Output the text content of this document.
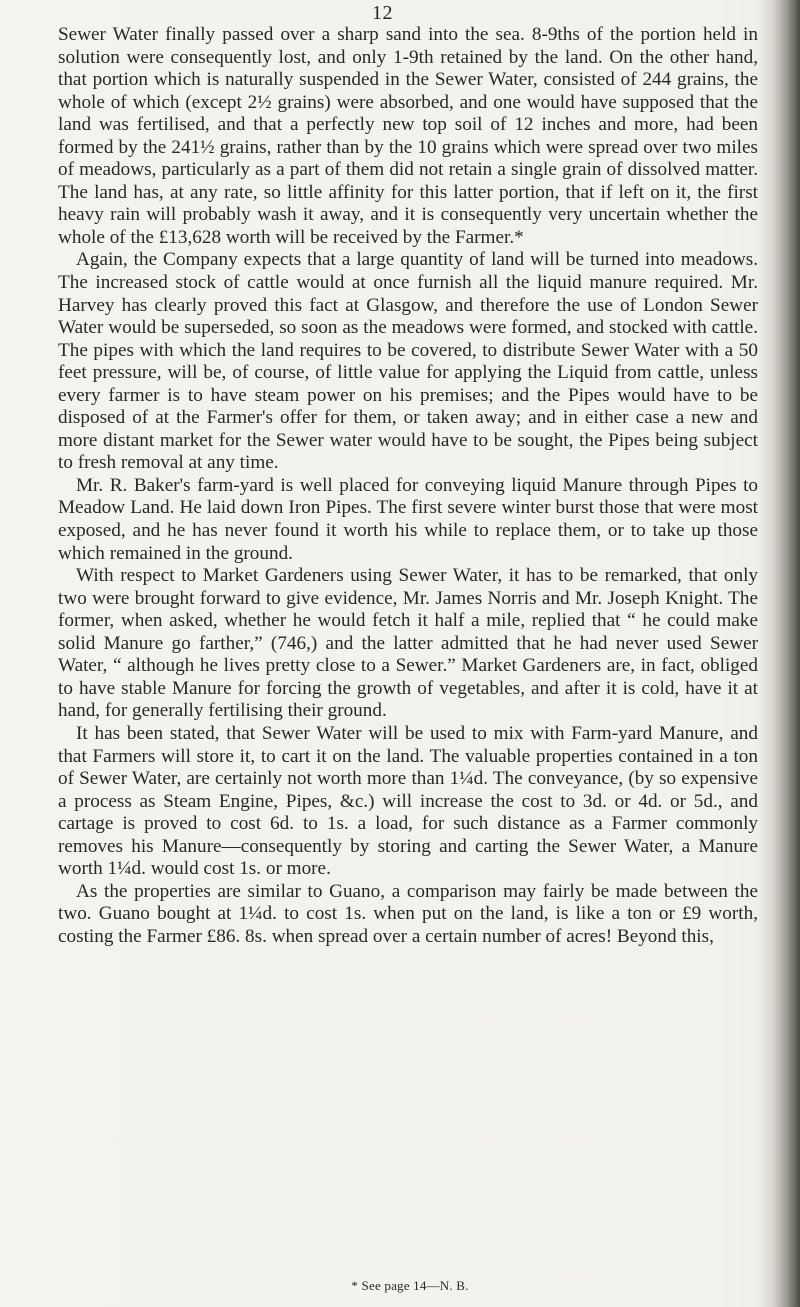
12

Sewer Water finally passed over a sharp sand into the sea. 8-9ths of the portion held in solution were consequently lost, and only 1-9th retained by the land. On the other hand, that portion which is naturally suspended in the Sewer Water, consisted of 244 grains, the whole of which (except 2½ grains) were absorbed, and one would have supposed that the land was fertilised, and that a perfectly new top soil of 12 inches and more, had been formed by the 241½ grains, rather than by the 10 grains which were spread over two miles of meadows, particularly as a part of them did not retain a single grain of dissolved matter. The land has, at any rate, so little affinity for this latter portion, that if left on it, the first heavy rain will probably wash it away, and it is consequently very uncertain whether the whole of the £13,628 worth will be received by the Farmer.*

Again, the Company expects that a large quantity of land will be turned into meadows. The increased stock of cattle would at once furnish all the liquid manure required. Mr. Harvey has clearly proved this fact at Glasgow, and therefore the use of London Sewer Water would be superseded, so soon as the meadows were formed, and stocked with cattle. The pipes with which the land requires to be covered, to distribute Sewer Water with a 50 feet pressure, will be, of course, of little value for applying the Liquid from cattle, unless every farmer is to have steam power on his premises; and the Pipes would have to be disposed of at the Farmer's offer for them, or taken away; and in either case a new and more distant market for the Sewer water would have to be sought, the Pipes being subject to fresh removal at any time.

Mr. R. Baker's farm-yard is well placed for conveying liquid Manure through Pipes to Meadow Land. He laid down Iron Pipes. The first severe winter burst those that were most exposed, and he has never found it worth his while to replace them, or to take up those which remained in the ground.

With respect to Market Gardeners using Sewer Water, it has to be remarked, that only two were brought forward to give evidence, Mr. James Norris and Mr. Joseph Knight. The former, when asked, whether he would fetch it half a mile, replied that “ he could make solid Manure go farther,” (746,) and the latter admitted that he had never used Sewer Water, “ although he lives pretty close to a Sewer.” Market Gardeners are, in fact, obliged to have stable Manure for forcing the growth of vegetables, and after it is cold, have it at hand, for generally fertilising their ground.

It has been stated, that Sewer Water will be used to mix with Farm-yard Manure, and that Farmers will store it, to cart it on the land. The valuable properties contained in a ton of Sewer Water, are certainly not worth more than 1¼d. The conveyance, (by so expensive a process as Steam Engine, Pipes, &c.) will increase the cost to 3d. or 4d. or 5d., and cartage is proved to cost 6d. to 1s. a load, for such distance as a Farmer commonly removes his Manure—consequently by storing and carting the Sewer Water, a Manure worth 1¼d. would cost 1s. or more.

As the properties are similar to Guano, a comparison may fairly be made between the two. Guano bought at 1¼d. to cost 1s. when put on the land, is like a ton or £9 worth, costing the Farmer £86. 8s. when spread over a certain number of acres! Beyond this,

* See page 14—N. B.
